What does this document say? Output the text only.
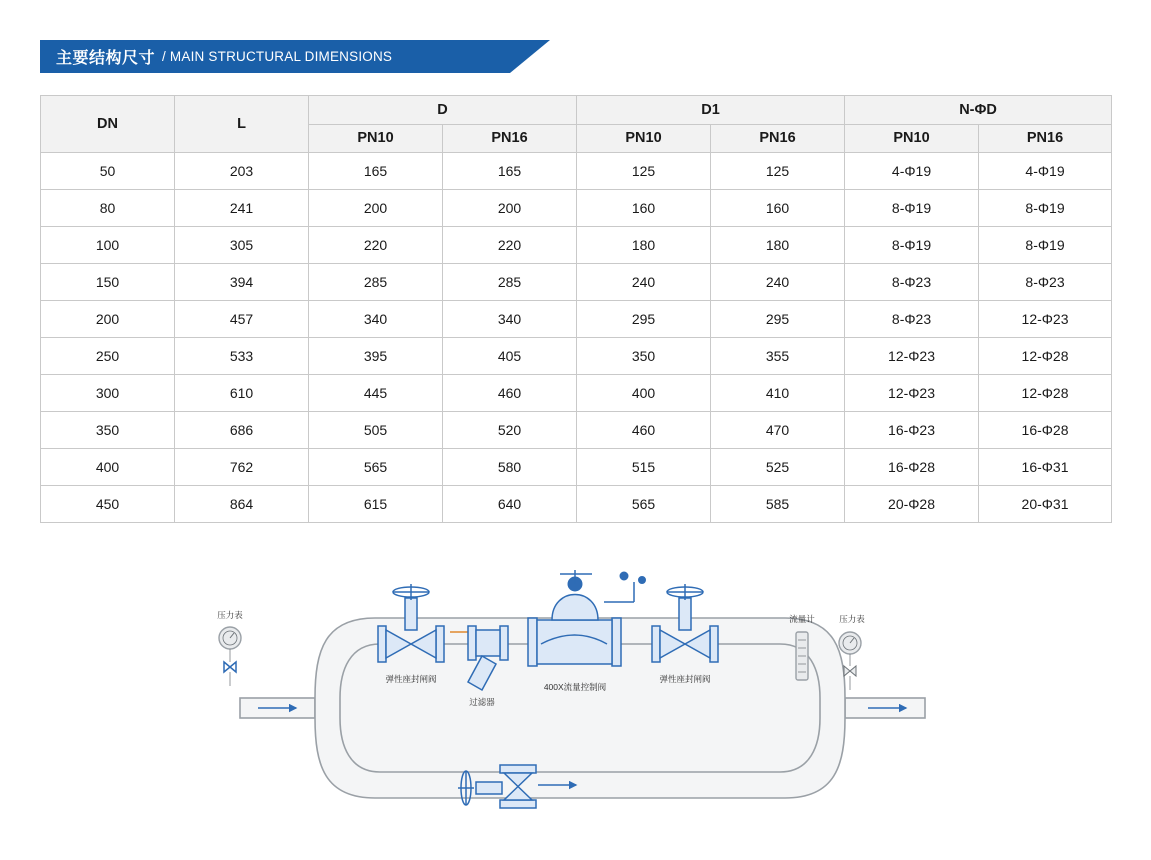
主要结构尺寸 / MAIN STRUCTURAL DIMENSIONS
DN	L	D		D1		N-ΦD	
		PN10	PN16	PN10	PN16	PN10	PN16
50	203	165	165	125	125	4-Φ19	4-Φ19
80	241	200	200	160	160	8-Φ19	8-Φ19
100	305	220	220	180	180	8-Φ19	8-Φ19
150	394	285	285	240	240	8-Φ23	8-Φ23
200	457	340	340	295	295	8-Φ23	12-Φ23
250	533	395	405	350	355	12-Φ23	12-Φ28
300	610	445	460	400	410	12-Φ23	12-Φ28
350	686	505	520	460	470	16-Φ23	16-Φ28
400	762	565	580	515	525	16-Φ28	16-Φ31
450	864	615	640	565	585	20-Φ28	20-Φ31
弹性座封闸阀
过滤器
400X流量控制阀
弹性座封闸阀
压力表	流量计	压力表
